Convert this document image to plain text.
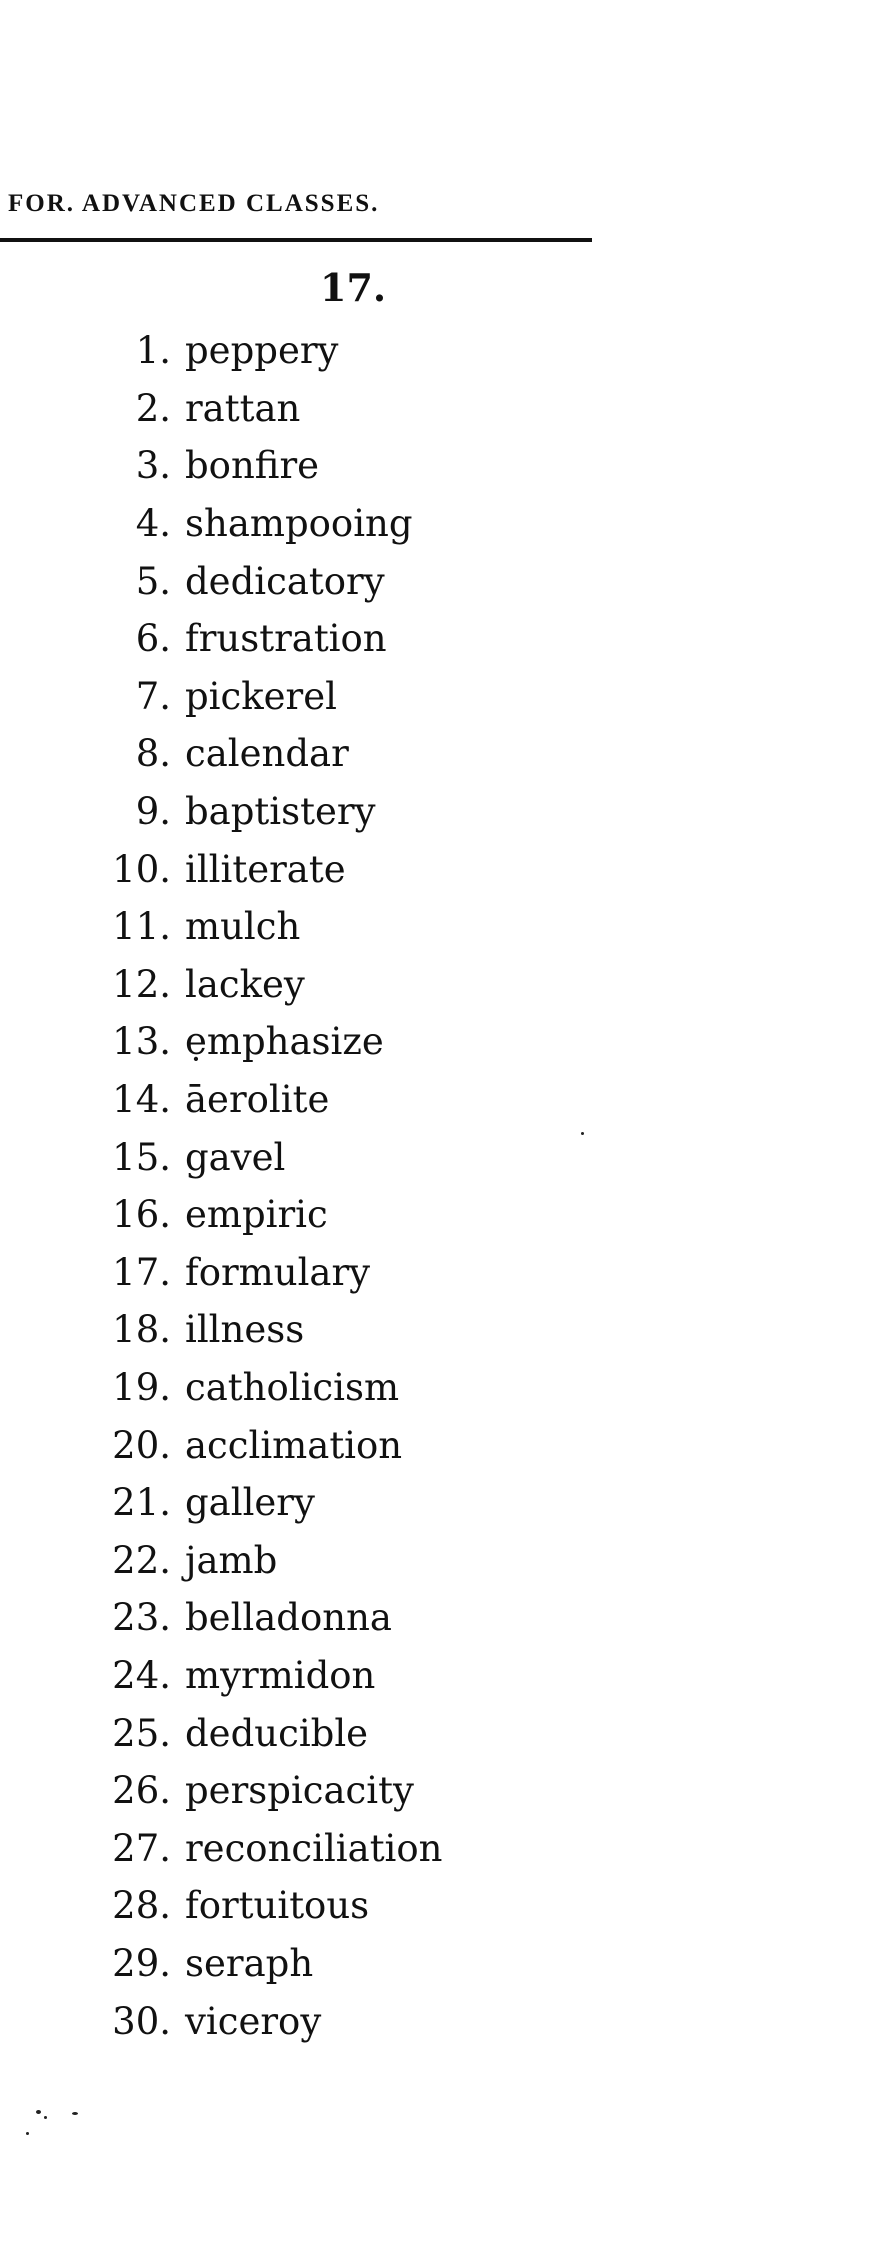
FOR. ADVANCED CLASSES.
17.
1. peppery
2. rattan
3. bonfire
4. shampooing
5. dedicatory
6. frustration
7. pickerel
8. calendar
9. baptistery
10. illiterate
11. mulch
12. lackey
13. ẹmphasize
14. āerolite
15. gavel
16. empiric
17. formulary
18. illness
19. catholicism
20. acclimation
21. gallery
22. jamb
23. belladonna
24. myrmidon
25. deducible
26. perspicacity
27. reconciliation
28. fortuitous
29. seraph
30. viceroy
